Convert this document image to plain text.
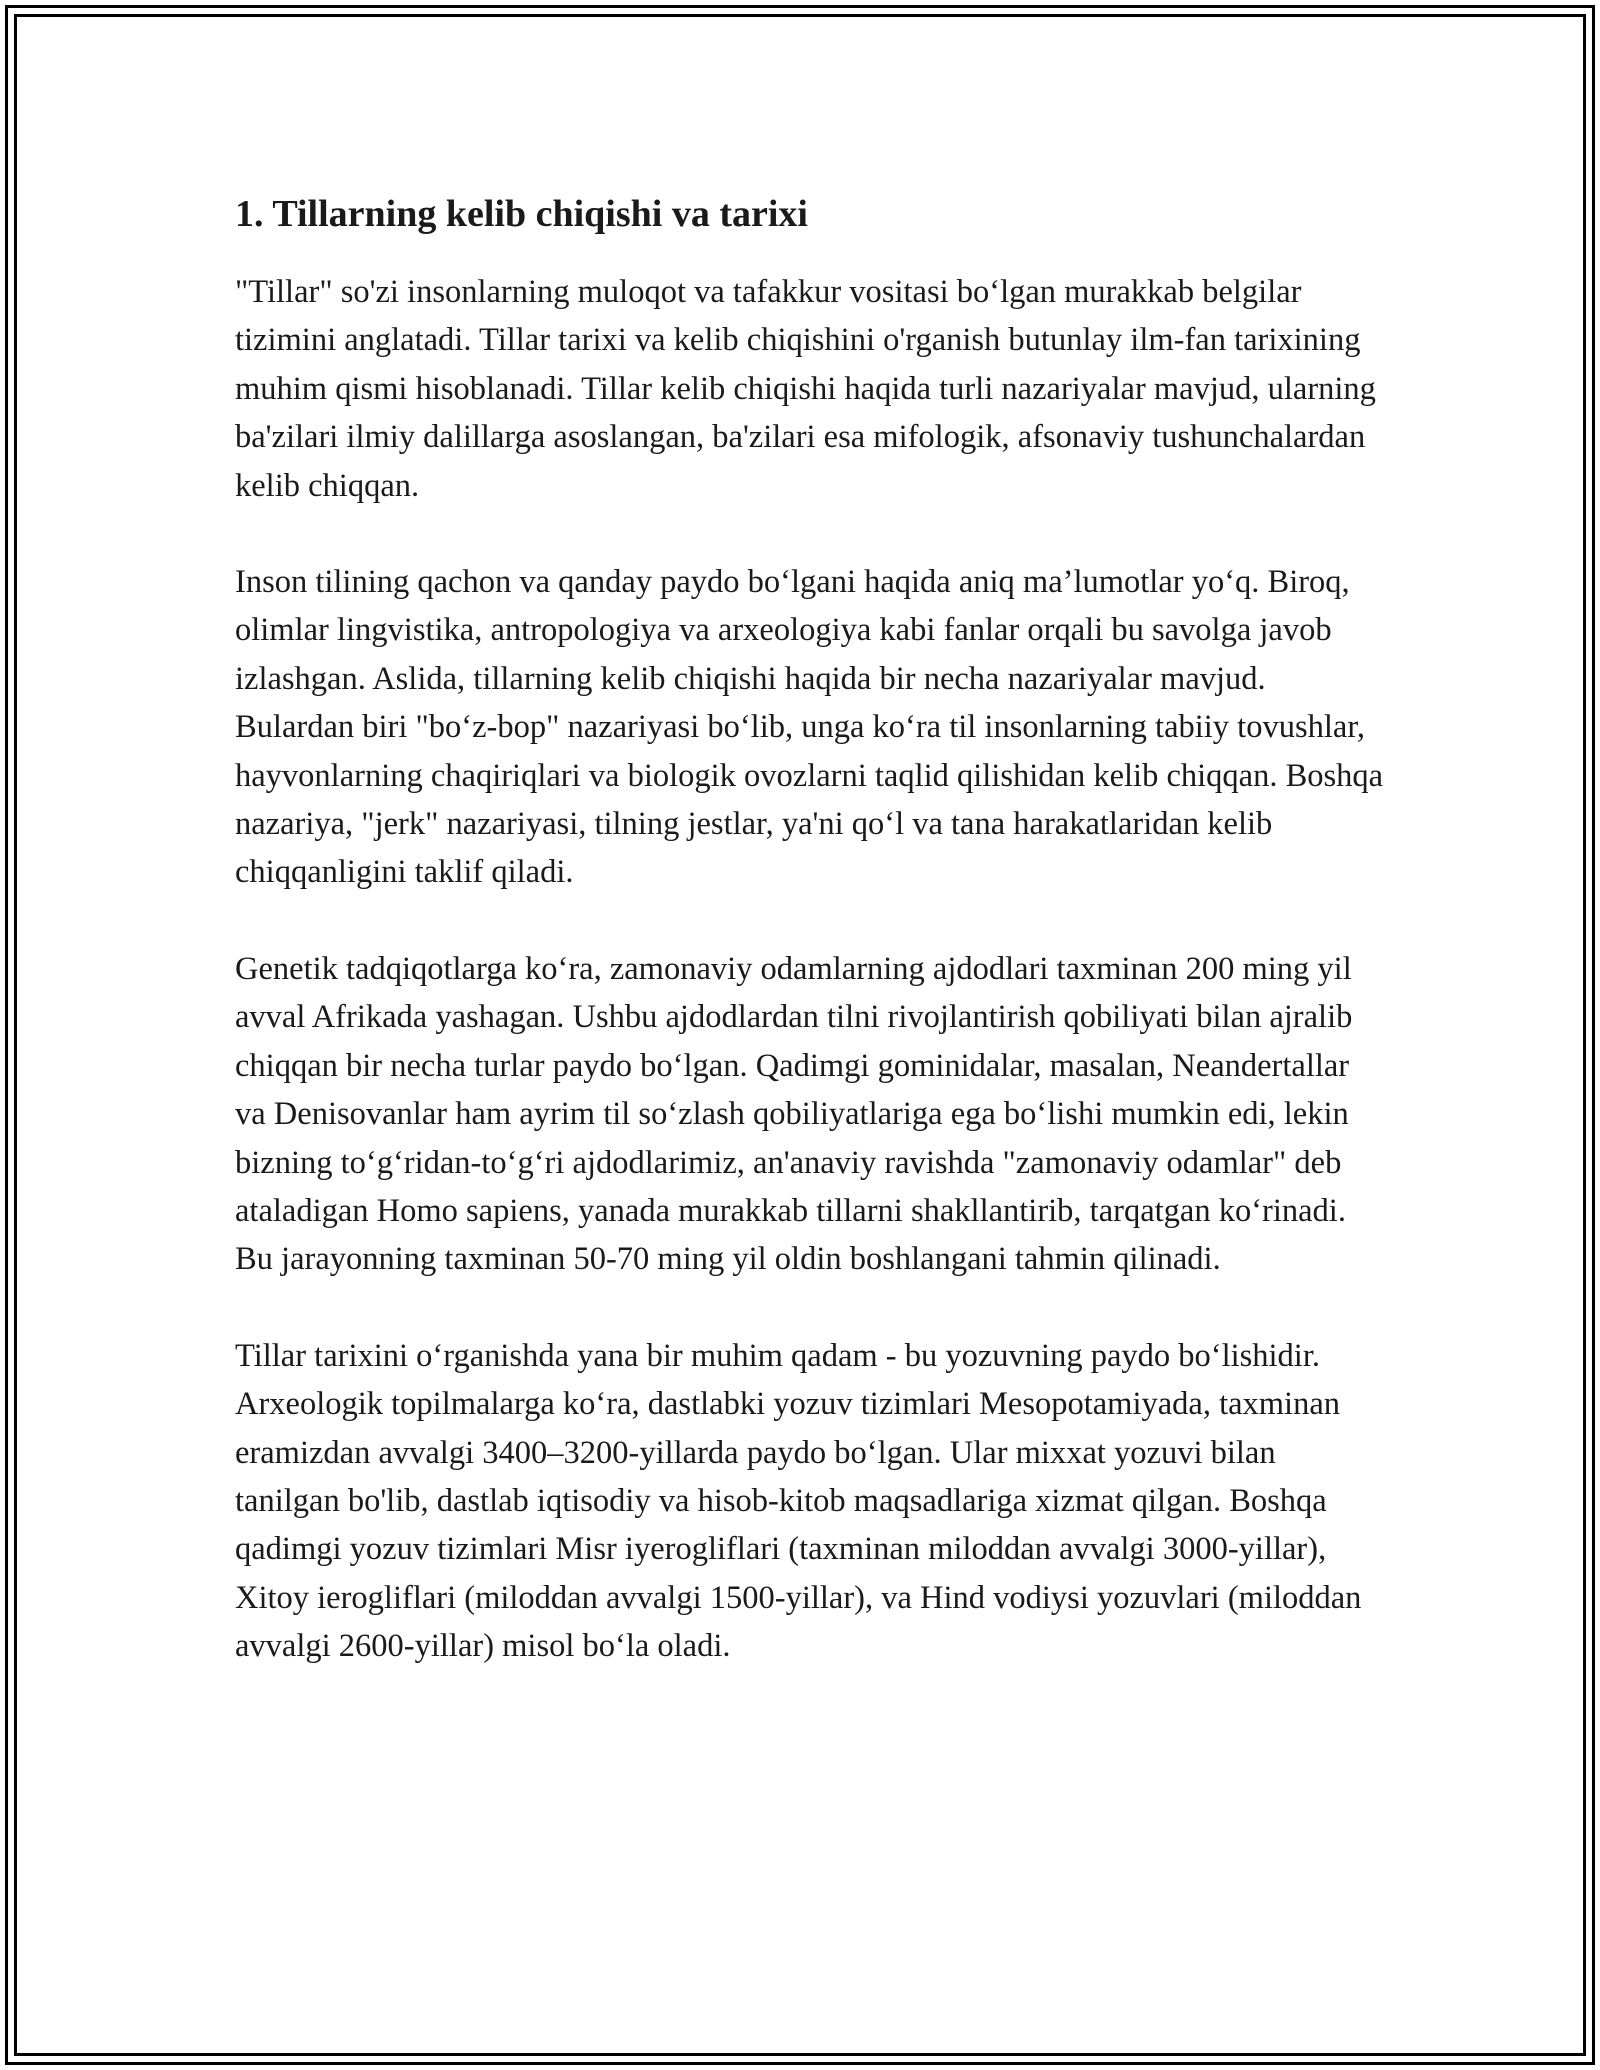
1. Tillarning kelib chiqishi va tarixi

"Tillar" so'zi insonlarning muloqot va tafakkur vositasi boʻlgan murakkab belgilar tizimini anglatadi. Tillar tarixi va kelib chiqishini o'rganish butunlay ilm-fan tarixining muhim qismi hisoblanadi. Tillar kelib chiqishi haqida turli nazariyalar mavjud, ularning ba'zilari ilmiy dalillarga asoslangan, ba'zilari esa mifologik, afsonaviy tushunchalardan kelib chiqqan.

Inson tilining qachon va qanday paydo boʻlgani haqida aniq ma’lumotlar yoʻq. Biroq, olimlar lingvistika, antropologiya va arxeologiya kabi fanlar orqali bu savolga javob izlashgan. Aslida, tillarning kelib chiqishi haqida bir necha nazariyalar mavjud. Bulardan biri "boʻz-bop" nazariyasi boʻlib, unga koʻra til insonlarning tabiiy tovushlar, hayvonlarning chaqiriqlari va biologik ovozlarni taqlid qilishidan kelib chiqqan. Boshqa nazariya, "jerk" nazariyasi, tilning jestlar, ya'ni qoʻl va tana harakatlaridan kelib chiqqanligini taklif qiladi.

Genetik tadqiqotlarga koʻra, zamonaviy odamlarning ajdodlari taxminan 200 ming yil avval Afrikada yashagan. Ushbu ajdodlardan tilni rivojlantirish qobiliyati bilan ajralib chiqqan bir necha turlar paydo boʻlgan. Qadimgi gominidalar, masalan, Neandertallar va Denisovanlar ham ayrim til soʻzlash qobiliyatlariga ega boʻlishi mumkin edi, lekin bizning toʻgʻridan-toʻgʻri ajdodlarimiz, an'anaviy ravishda "zamonaviy odamlar" deb ataladigan Homo sapiens, yanada murakkab tillarni shakllantirib, tarqatgan koʻrinadi. Bu jarayonning taxminan 50-70 ming yil oldin boshlangani tahmin qilinadi.

Tillar tarixini oʻrganishda yana bir muhim qadam - bu yozuvning paydo boʻlishidir. Arxeologik topilmalarga koʻra, dastlabki yozuv tizimlari Mesopotamiyada, taxminan eramizdan avvalgi 3400–3200-yillarda paydo boʻlgan. Ular mixxat yozuvi bilan tanilgan bo'lib, dastlab iqtisodiy va hisob-kitob maqsadlariga xizmat qilgan. Boshqa qadimgi yozuv tizimlari Misr iyerogliflari (taxminan miloddan avvalgi 3000-yillar), Xitoy ierogliflari (miloddan avvalgi 1500-yillar), va Hind vodiysi yozuvlari (miloddan avvalgi 2600-yillar) misol boʻla oladi.
